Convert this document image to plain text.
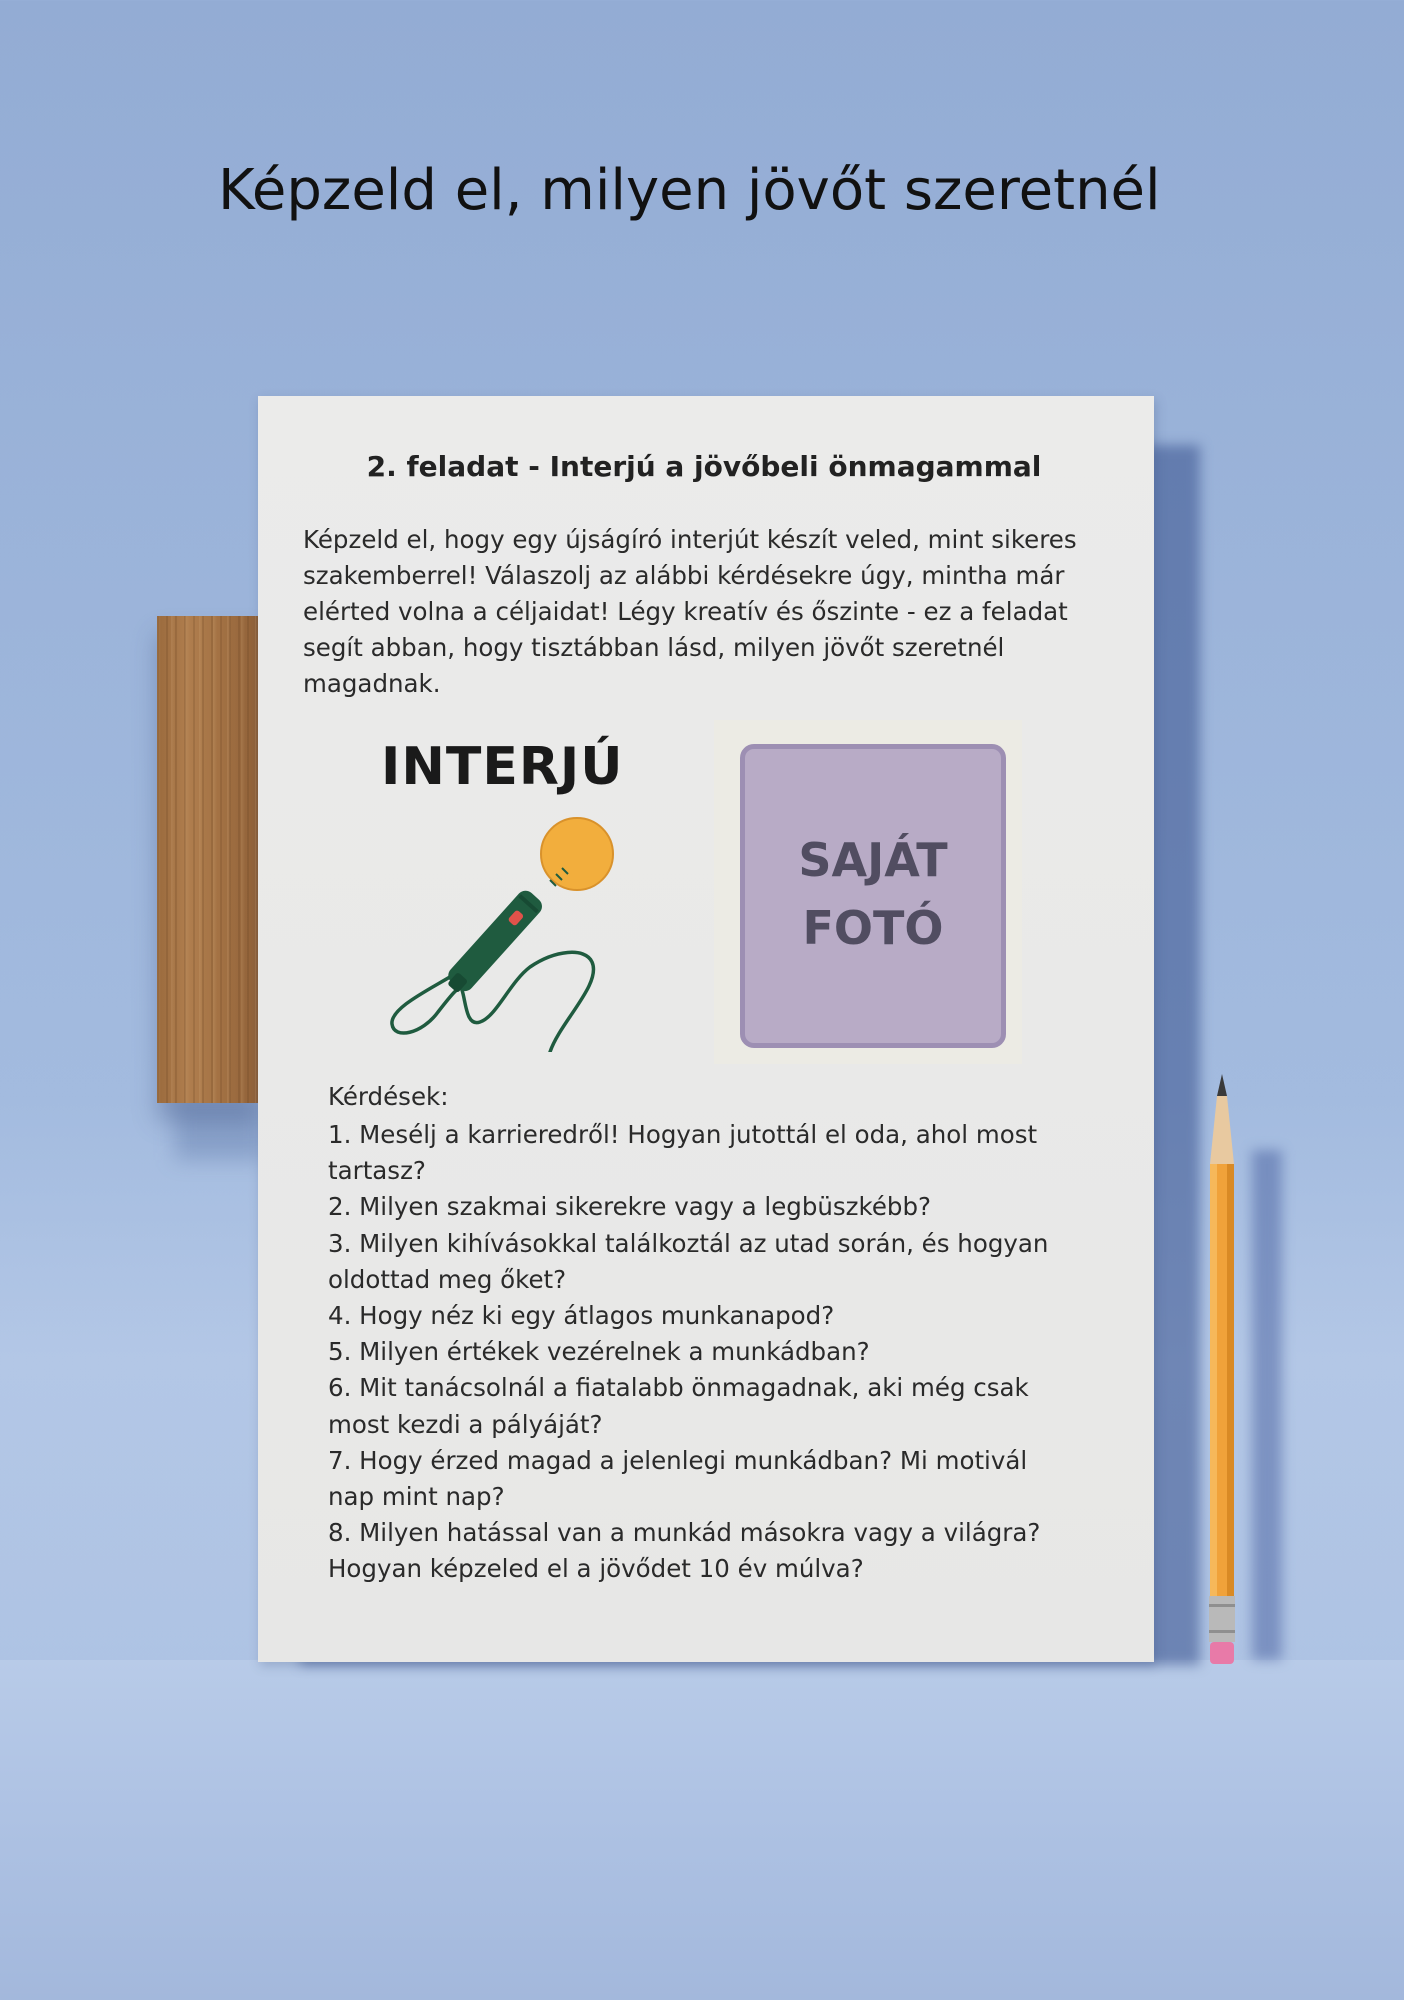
Képzeld el, milyen jövőt szeretnél
2. feladat - Interjú a jövőbeli önmagammal
Képzeld el, hogy egy újságíró interjút készít veled, mint sikeres
szakemberrel! Válaszolj az alábbi kérdésekre úgy, mintha már
elérted volna a céljaidat! Légy kreatív és őszinte - ez a feladat
segít abban, hogy tisztábban lásd, milyen jövőt szeretnél
magadnak.
INTERJÚ
SAJÁT
FOTÓ
Kérdések:
1. Mesélj a karrieredről! Hogyan jutottál el oda, ahol most
tartasz?
2. Milyen szakmai sikerekre vagy a legbüszkébb?
3. Milyen kihívásokkal találkoztál az utad során, és hogyan
oldottad meg őket?
4. Hogy néz ki egy átlagos munkanapod?
5. Milyen értékek vezérelnek a munkádban?
6. Mit tanácsolnál a fiatalabb önmagadnak, aki még csak
most kezdi a pályáját?
7. Hogy érzed magad a jelenlegi munkádban? Mi motivál
nap mint nap?
8. Milyen hatással van a munkád másokra vagy a világra?
Hogyan képzeled el a jövődet 10 év múlva?
